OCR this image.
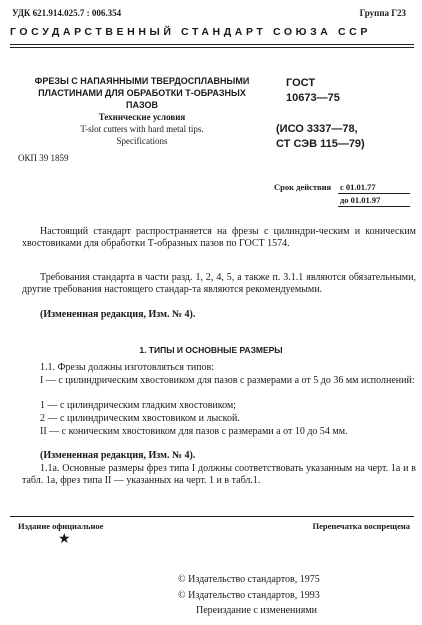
УДК 621.914.025.7 : 006.354	Группа Г23
ГОСУДАРСТВЕННЫЙ СТАНДАРТ СОЮЗА ССР
ФРЕЗЫ С НАПАЯННЫМИ ТВЕРДОСПЛАВНЫМИ
ПЛАСТИНАМИ ДЛЯ ОБРАБОТКИ Т-ОБРАЗНЫХ
ПАЗОВ
Технические условия
T-slot cutters with hard metal tips.
Specifications
ГОСТ
10673—75
(ИСО 3337—78,
СТ СЭВ 115—79)
ОКП 39 1859
Срок действия с 01.01.77
до 01.01.97
Настоящий стандарт распространяется на фрезы с цилиндри-ческим и коническим хвостовиками для обработки Т-образных пазов по ГОСТ 1574.
Требования стандарта в части разд. 1, 2, 4, 5, а также п. 3.1.1 являются обязательными, другие требования настоящего стандар-та являются рекомендуемыми.
(Измененная редакция, Изм. № 4).
1. ТИПЫ И ОСНОВНЫЕ РАЗМЕРЫ
1.1. Фрезы должны изготовляться типов:
I — с цилиндрическим хвостовиком для пазов с размерами a от 5 до 36 мм исполнений:
1 — с цилиндрическим гладким хвостовиком;
2 — с цилиндрическим хвостовиком и лыской.
II — с коническим хвостовиком для пазов с размерами a от 10 до 54 мм.
(Измененная редакция, Изм. № 4).
1.1а. Основные размеры фрез типа I должны соответствовать указанным на черт. 1а и в табл. 1а, фрез типа II — указанных на черт. 1 и в табл.1.
Издание официальное	Перепечатка воспрещена
★
© Издательство стандартов, 1975
© Издательство стандартов, 1993
Переиздание с изменениями
